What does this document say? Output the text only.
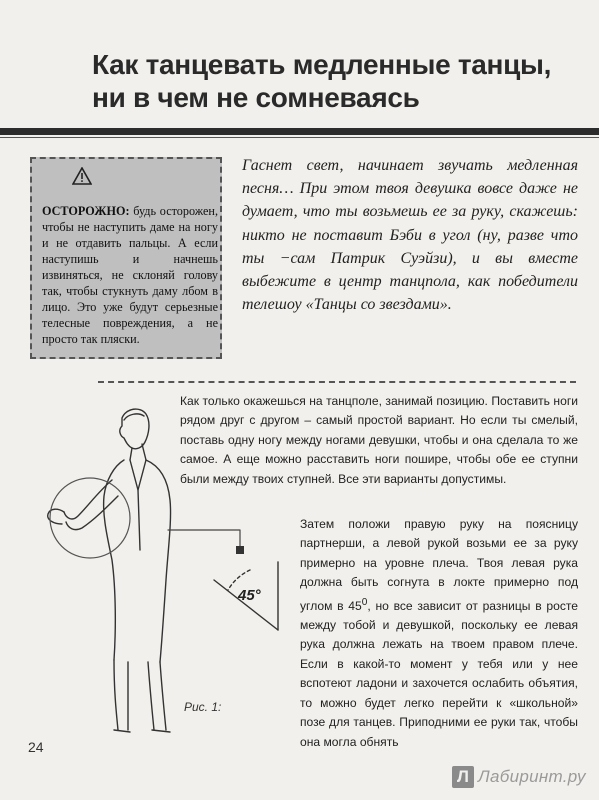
Как танцевать медленные танцы, ни в чем не сомневаясь
ОСТОРОЖНО: будь осторожен, чтобы не наступить даме на ногу и не отдавить пальцы. А если наступишь и начнешь извиняться, не склоняй голову так, чтобы стукнуть даму лбом в лицо. Это уже будут серьезные телесные повреждения, а не просто так пляски.
Гаснет свет, начинает звучать медленная песня… При этом твоя девушка вовсе даже не думает, что ты возьмешь ее за руку, скажешь: никто не поставит Бэби в угол (ну, разве что ты −сам Патрик Суэйзи), и вы вместе выбежите в центр танцпола, как победители телешоу «Танцы со звездами».
Как только окажешься на танцполе, занимай позицию. Поставить ноги рядом друг с другом – самый простой вариант. Но если ты смелый, поставь одну ногу между ногами девушки, чтобы и она сделала то же самое. А еще можно расставить ноги пошире, чтобы обе ее ступни были между твоих ступней. Все эти варианты допустимы.
Затем положи правую руку на поясницу партнерши, а левой рукой возьми ее за руку примерно на уровне плеча. Твоя левая рука должна быть согнута в локте примерно под углом в $45^0$, но все зависит от разницы в росте между тобой и девушкой, поскольку ее левая рука должна лежать на твоем правом плече. Если в какой-то момент у тебя или у нее вспотеют ладони и захочется ослабить объятия, то можно будет легко перейти к «школьной» позе для танцев. Приподними ее руки так, чтобы она могла обнять
45°
Рис. 1:
24
Л Лабиринт.ру
